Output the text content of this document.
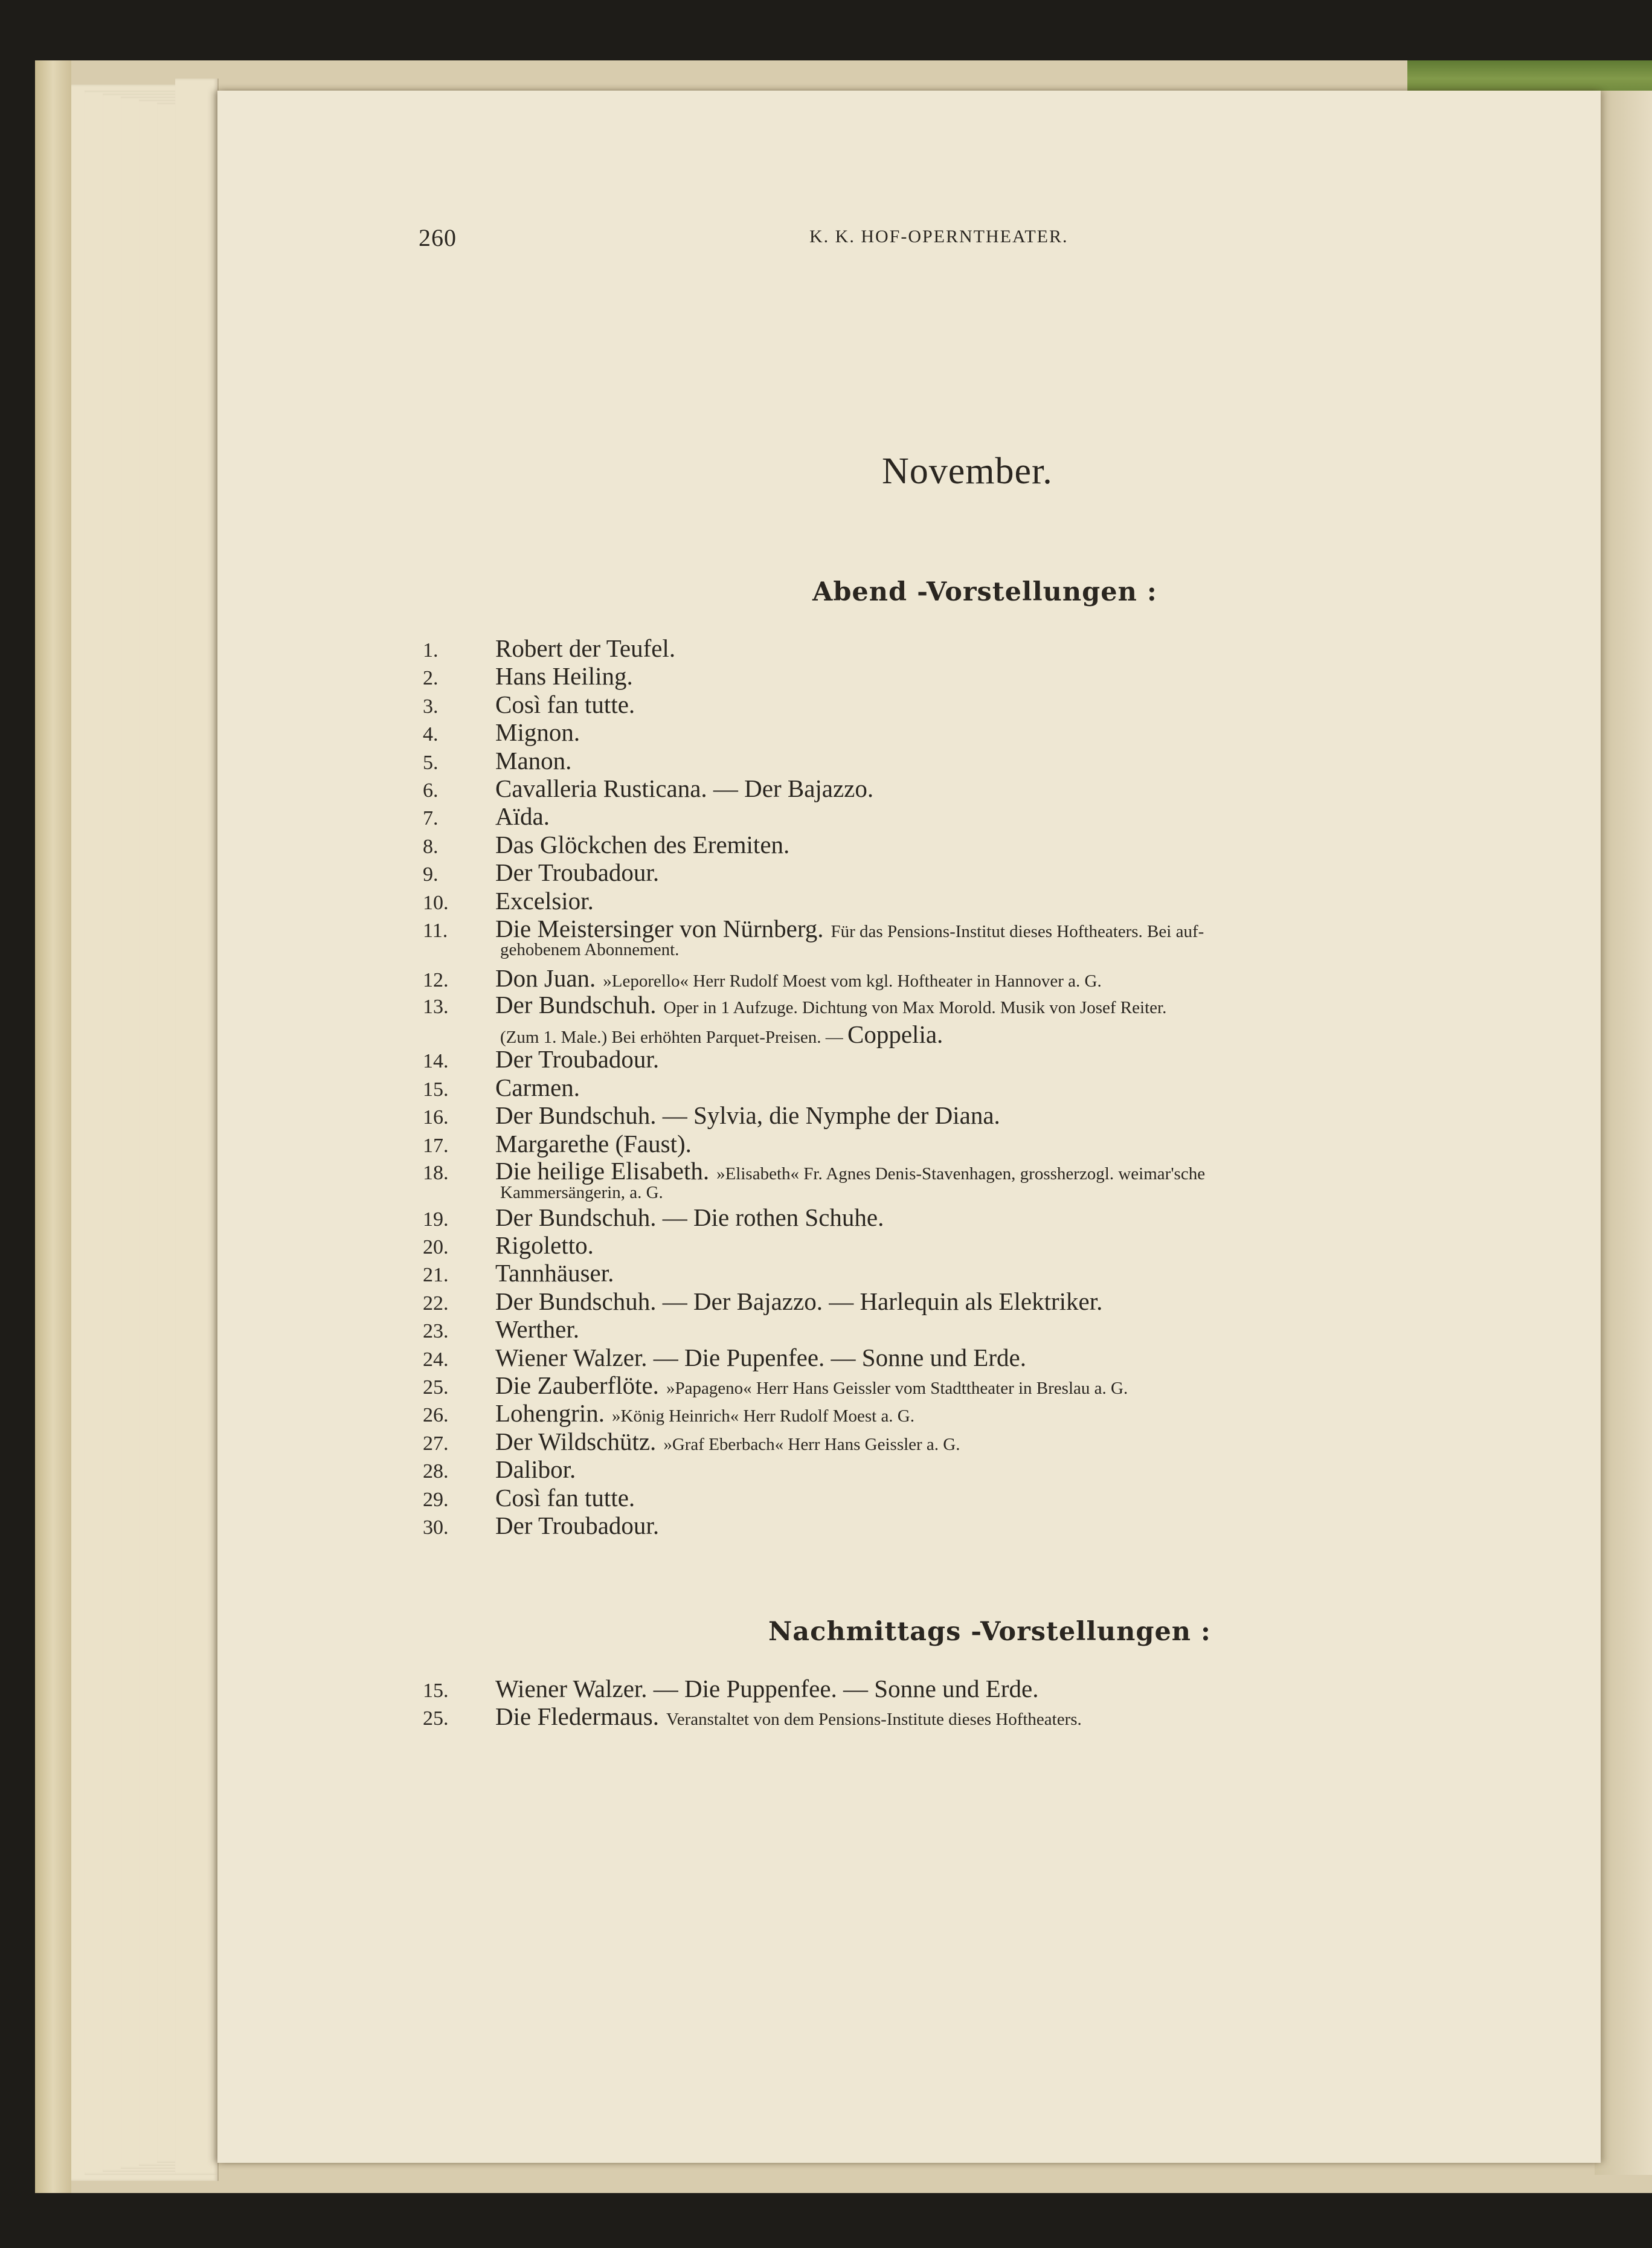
260	K. K. HOF-OPERNTHEATER.
November.
Abend -Vorstellungen :
1. Robert der Teufel.
2. Hans Heiling.
3. Così fan tutte.
4. Mignon.
5. Manon.
6. Cavalleria Rusticana. — Der Bajazzo.
7. Aïda.
8. Das Glöckchen des Eremiten.
9. Der Troubadour.
10. Excelsior.
11. Die Meistersinger von Nürnberg. Für das Pensions-Institut dieses Hoftheaters. Bei auf-
gehobenem Abonnement.
12. Don Juan. »Leporello« Herr Rudolf Moest vom kgl. Hoftheater in Hannover a. G.
13. Der Bundschuh. Oper in 1 Aufzuge. Dichtung von Max Morold. Musik von Josef Reiter.
(Zum 1. Male.) Bei erhöhten Parquet-Preisen. — Coppelia.
14. Der Troubadour.
15. Carmen.
16. Der Bundschuh. — Sylvia, die Nymphe der Diana.
17. Margarethe (Faust).
18. Die heilige Elisabeth. »Elisabeth« Fr. Agnes Denis-Stavenhagen, grossherzogl. weimar'sche
Kammersängerin, a. G.
19. Der Bundschuh. — Die rothen Schuhe.
20. Rigoletto.
21. Tannhäuser.
22. Der Bundschuh. — Der Bajazzo. — Harlequin als Elektriker.
23. Werther.
24. Wiener Walzer. — Die Pupenfee. — Sonne und Erde.
25. Die Zauberflöte. »Papageno« Herr Hans Geissler vom Stadttheater in Breslau a. G.
26. Lohengrin. »König Heinrich« Herr Rudolf Moest a. G.
27. Der Wildschütz. »Graf Eberbach« Herr Hans Geissler a. G.
28. Dalibor.
29. Così fan tutte.
30. Der Troubadour.
Nachmittags -Vorstellungen :
15. Wiener Walzer. — Die Puppenfee. — Sonne und Erde.
25. Die Fledermaus. Veranstaltet von dem Pensions-Institute dieses Hoftheaters.
